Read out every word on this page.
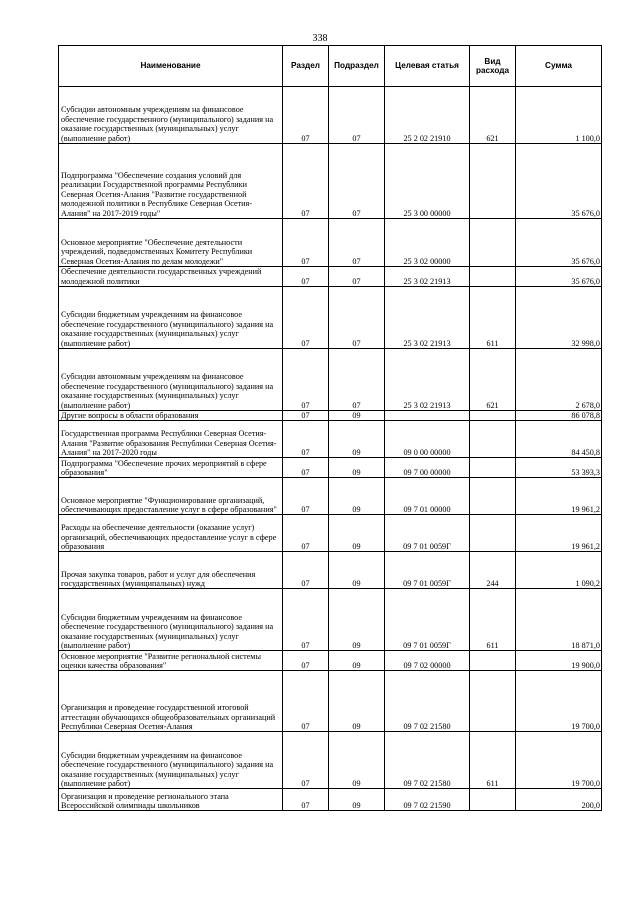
338
Наименование	Раздел	Подраздел	Целевая статья	Вид расхода	Сумма
Субсидии автономным учреждениям на финансовое обеспечение государственного (муниципального) задания на оказание государственных (муниципальных) услуг (выполнение работ)	07	07	25 2 02 21910	621	1 100,0
Подпрограмма "Обеспечение создания условий для реализации Государственной программы Республики Северная Осетия-Алания "Развитие государственной молодежной политики в Республике Северная Осетия-Алания" на 2017-2019 годы"	07	07	25 3 00 00000		35 676,0
Основное мероприятие "Обеспечение деятельности учреждений, подведомственных Комитету Республики Северная Осетия-Алания по делам молодежи"	07	07	25 3 02 00000		35 676,0
Обеспечение деятельности государственных учреждений молодежной политики	07	07	25 3 02 21913		35 676,0
Субсидии бюджетным учреждениям на финансовое обеспечение государственного (муниципального) задания на оказание государственных (муниципальных) услуг (выполнение работ)	07	07	25 3 02 21913	611	32 998,0
Субсидии автономным учреждениям на финансовое обеспечение государственного (муниципального) задания на оказание государственных (муниципальных) услуг (выполнение работ)	07	07	25 3 02 21913	621	2 678,0
Другие вопросы в области образования	07	09			86 078,8
Государственная программа Республики Северная Осетия-Алания "Развитие образования Республики Северная Осетия-Алания" на 2017-2020 годы	07	09	09 0 00 00000		84 450,8
Подпрограмма "Обеспечение прочих мероприятий в сфере образования"	07	09	09 7 00 00000		53 393,3
Основное мероприятие "Функционирование организаций, обеспечивающих предоставление услуг в сфере образования"	07	09	09 7 01 00000		19 961,2
Расходы на обеспечение деятельности (оказание услуг) организаций, обеспечивающих предоставление услуг в сфере образования	07	09	09 7 01 0059Г		19 961,2
Прочая закупка товаров, работ и услуг для обеспечения государственных (муниципальных) нужд	07	09	09 7 01 0059Г	244	1 090,2
Субсидии бюджетным учреждениям на финансовое обеспечение государственного (муниципального) задания на оказание государственных (муниципальных) услуг (выполнение работ)	07	09	09 7 01 0059Г	611	18 871,0
Основное мероприятие "Развитие региональной системы оценки качества образования"	07	09	09 7 02 00000		19 900,0
Организация и проведение государственной итоговой аттестации обучающихся общеобразовательных организаций Республики Северная Осетия-Алания	07	09	09 7 02 21580		19 700,0
Субсидии бюджетным учреждениям на финансовое обеспечение государственного (муниципального) задания на оказание государственных (муниципальных) услуг (выполнение работ)	07	09	09 7 02 21580	611	19 700,0
Организация и проведение регионального этапа Всероссийской олимпиады школьников	07	09	09 7 02 21590		200,0
